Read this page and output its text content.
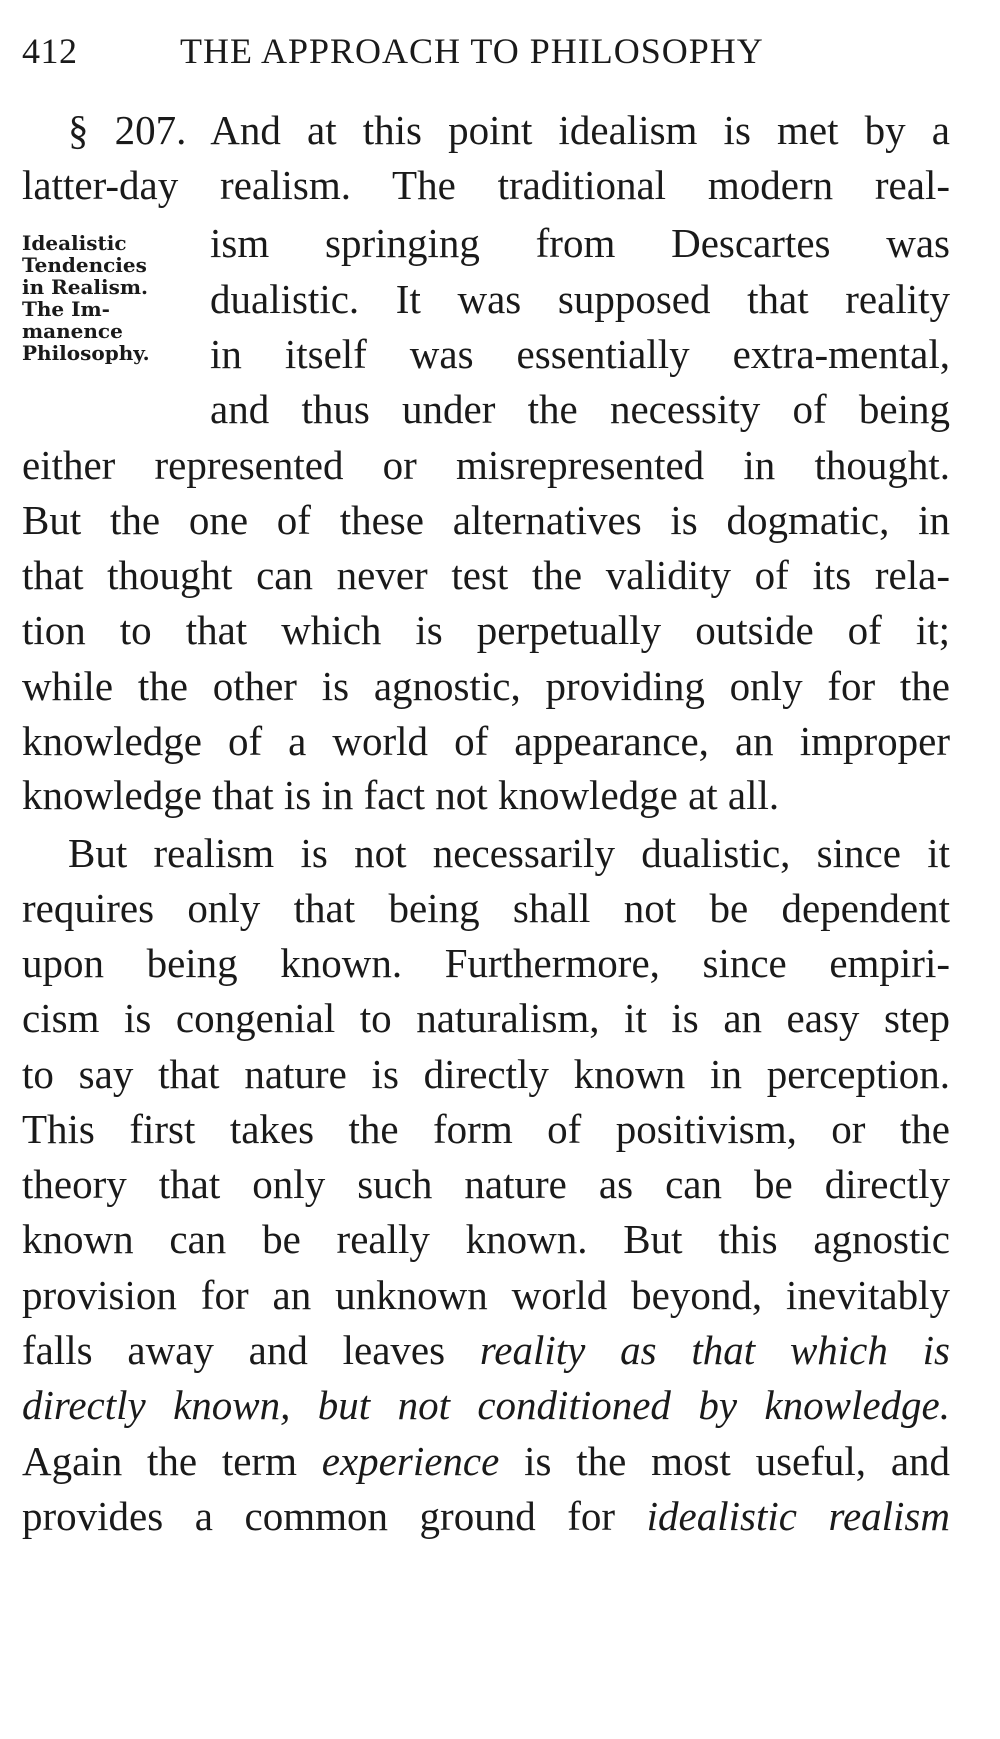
412	THE APPROACH TO PHILOSOPHY
Idealistic
Tendencies
in Realism.
The Im-
manence
Philosophy.
§ 207. And at this point idealism is met by a
latter-day realism. The traditional modern real-
ism springing from Descartes was
dualistic. It was supposed that reality
in itself was essentially extra-mental,
and thus under the necessity of being
either represented or misrepresented in thought.
But the one of these alternatives is dogmatic, in
that thought can never test the validity of its rela-
tion to that which is perpetually outside of it;
while the other is agnostic, providing only for the
knowledge of a world of appearance, an improper
knowledge that is in fact not knowledge at all.
But realism is not necessarily dualistic, since it
requires only that being shall not be dependent
upon being known. Furthermore, since empiri-
cism is congenial to naturalism, it is an easy step
to say that nature is directly known in perception.
This first takes the form of positivism, or the
theory that only such nature as can be directly
known can be really known. But this agnostic
provision for an unknown world beyond, inevitably
falls away and leaves reality as that which is
directly known, but not conditioned by knowledge.
Again the term experience is the most useful, and
provides a common ground for idealistic realism
